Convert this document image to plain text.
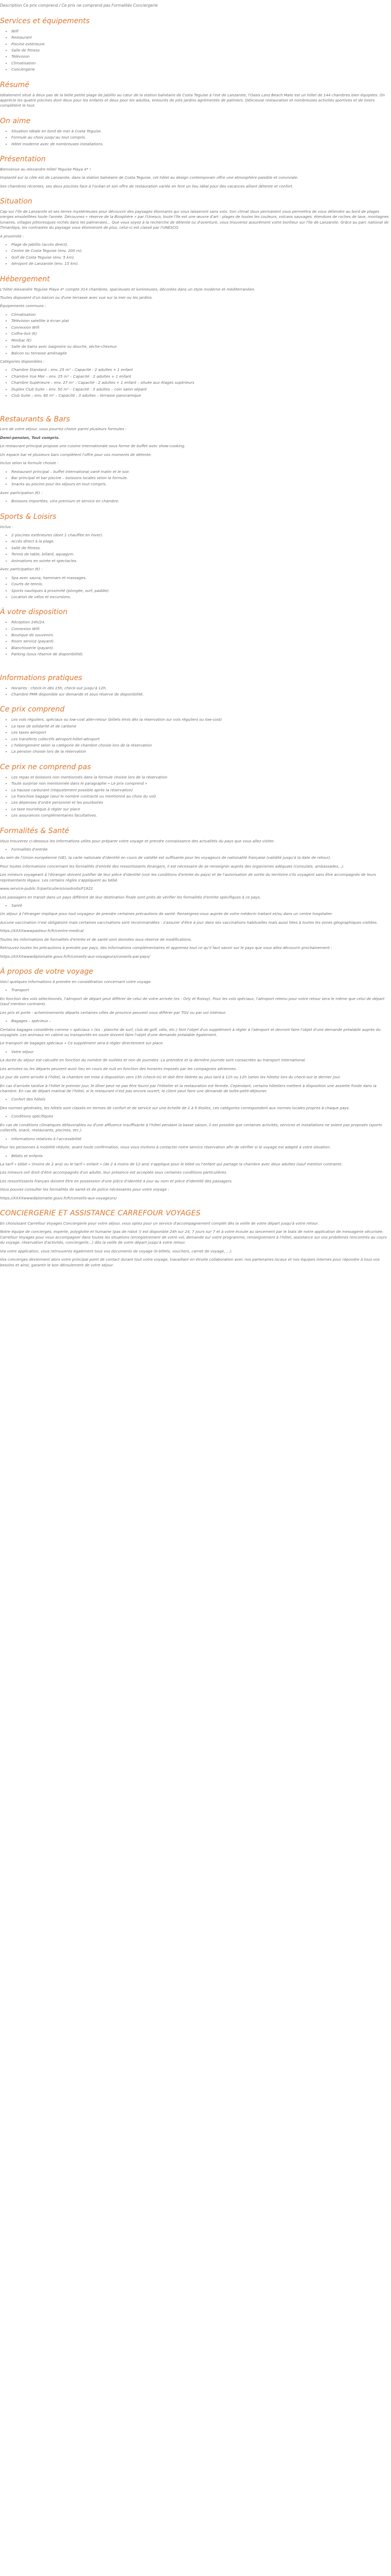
Description Ce prix comprend / Ce prix ne comprend pas Formalités Conciergerie

Services et équipements
• Wifi
• Restaurant
• Piscine extérieure
• Salle de fitness
• Télévision
• Climatisation
• Conciergerie
Résumé

Idéalement situé à deux pas de la belle petite plage de Jablillo au cœur de la station balnéaire de Costa Teguise à l'est de Lanzarote, l'Oasis Lanz Beach Mate est un hôtel de 144 chambres bien équipées. On apprécie les quatre piscines dont deux pour les enfants et deux pour les adultes, entourés de jolis jardins agrémentés de palmiers. Délicieuse restauration et nombreuses activités sportives et de loisirs complètent le tout.

On aime
• Situation idéale en bord de mer à Costa Teguise.
• Formule au choix jusqu'au tout compris.
• Hôtel moderne avec de nombreuses installations.
Présentation

Bienvenue au Alexandre Hôtel Teguise Playa 4* !

Implanté sur la côte est de Lanzarote, dans la station balnéaire de Costa Teguise, cet hôtel au design contemporain offre une atmosphère paisible et conviviale.

Ses chambres récentes, ses deux piscines face à l'océan et son offre de restauration variée en font un lieu idéal pour des vacances alliant détente et confort.

Situation

Cap sur l'île de Lanzarote et ses terres mystérieuses pour découvrir des paysages étonnants qui vous laisseront sans voix. Son climat doux permanent vous permettra de vous détendre au bord de plages vierges ensoleillées toute l'année. Découvrez « réserve de la Biosphère » par l'Unesco, toute l'île est une œuvre d'art : plages de toutes les couleurs, volcans sauvages, étendues de roches de lave, montagnes lunaires, villages pittoresques nichés dans les palmeraies... Que vous soyez à la recherche de détente ou d'aventure, vous trouverez assurément votre bonheur sur l'île de Lanzarote. Grâce au parc national de Timanfaya, les contrastes du paysage vous étonneront de plus, celui-ci est classé par l'UNESCO.

À proximité :

• Plage de Jablillo (accès direct).
• Centre de Costa Teguise (env. 200 m).
• Golf de Costa Teguise (env. 5 km).
• Aéroport de Lanzarote (env. 15 km).
Hébergement

L'hôtel Alexandre Teguise Playa 4* compte 314 chambres, spacieuses et lumineuses, décorées dans un style moderne et méditerranéen.

Toutes disposent d'un balcon ou d'une terrasse avec vue sur la mer ou les jardins.

Équipements communs :

• Climatisation
• Télévision satellite à écran plat
• Connexion Wifi
• Coffre-fort (€)
• Minibar (€)
• Salle de bains avec baignoire ou douche, sèche-cheveux
• Balcon ou terrasse aménagée

Catégories disponibles :

• Chambre Standard – env. 25 m² – Capacité : 2 adultes + 1 enfant
• Chambre Vue Mer – env. 25 m² – Capacité : 2 adultes + 1 enfant
• Chambre Supérieure – env. 27 m² – Capacité : 2 adultes + 1 enfant – située aux étages supérieurs
• Duplex Club Suite – env. 50 m² – Capacité : 3 adultes – coin salon séparé
• Club Suite – env. 60 m² – Capacité : 3 adultes – terrasse panoramique
Restaurants & Bars

Lors de votre séjour, vous pourrez choisir parmi plusieurs formules :

Demi-pension, Tout compris.

Le restaurant principal propose une cuisine internationale sous forme de buffet avec show-cooking.

Un espace bar et plusieurs bars complètent l'offre pour vos moments de détente.

Inclus selon la formule choisie :

• Restaurant principal – buffet international varié matin et le soir.
• Bar principal et bar piscine – boissons locales selon la formule.
• Snacks au piscine pour les séjours en tout compris.

Avec participation (€) :

• Boissons importées, vins premium et service en chambre.
Sports & Loisirs

Inclus :

• 2 piscines extérieures (dont 1 chauffée en hiver).
• Accès direct à la plage.
• Salle de fitness.
• Tennis de table, billard, aquagym.
• Animations en soirée et spectacles.

Avec participation (€) :

• Spa avec sauna, hammam et massages.
• Courts de tennis.
• Sports nautiques à proximité (plongée, surf, paddle).
• Location de vélos et excursions.
À votre disposition
• Réception 24h/24.
• Connexion Wifi.
• Boutique de souvenirs.
• Room service (payant).
• Blanchisserie (payant).
• Parking (sous réserve de disponibilité).
Informations pratiques
• Horaires : check-in dès 15h, check-out jusqu'à 12h.
• Chambre PMR disponible sur demande et sous réserve de disponibilité.
Ce prix comprend
• Les vols réguliers, spéciaux ou low-cost aller-retour (billets émis dès la réservation sur vols réguliers ou low-cost)
• La taxe de solidarité et de carbone
• Les taxes aéroport
• Les transferts collectifs aéroport-hôtel-aéroport
• L'hébergement selon la catégorie de chambre choisie lors de la réservation
• La pension choisie lors de la réservation
Ce prix ne comprend pas
• Les repas et boissons non mentionnés dans la formule choisie lors de la réservation
• Toute surprise non mentionnée dans le paragraphe « Le prix comprend »
• La hausse carburant (réajustement possible après la réservation)
• La franchise bagage (seul le nombre contracté ou mentionné au choix du vol)
• Les dépenses d'ordre personnel et les pourboires
• La taxe touristique à régler sur place
• Les assurances complémentaires facultatives.
Formalités & Santé

Vous trouverez ci-dessous les informations utiles pour préparer votre voyage et prendre connaissance des actualités du pays que vous allez visiter.

• Formalités d'entrée

Au sein de l'Union européenne (UE), la carte nationale d'identité en cours de validité est suffisante pour les voyageurs de nationalité française (validité jusqu'à la date de retour).

Pour toutes informations concernant les formalités d'entrée des ressortissants étrangers, il est nécessaire de se renseigner auprès des organismes adéquats (consulats, ambassades...).

Les mineurs voyageant à l'étranger doivent justifier de leur pièce d'identité (voir les conditions d'entrée du pays) et de l'autorisation de sortie du territoire s'ils voyagent sans être accompagnés de leurs représentants légaux. Les certains règles s'appliquent au bébé.

www.service-public.fr/particuliers/vosdroits/F1922

Les passagers en transit dans un pays différent de leur destination finale sont priés de vérifier les formalités d'entrée spécifiques à ce pays.

• Santé

Un séjour à l'étranger implique pour tout voyageur de prendre certaines précautions de santé. Renseignez-vous auprès de votre médecin traitant et/ou dans un centre hospitalier.

Aucune vaccination n'est obligatoire mais certaines vaccinations sont recommandées : s'assurer d'être à jour dans ses vaccinations habituelles mais aussi liées à toutes les zones géographiques visitées.

https://XXXXwwwpasteur.fr/fr/centre-medical

Toutes les informations de formalités d'entrée et de santé sont données sous réserve de modifications.

Retrouvez toutes les précautions à prendre par pays, des informations complémentaires et apprenez tout ce qu'il faut savoir sur le pays que vous allez découvrir prochainement :

https://XXXXwwwdiplomatie.gouv.fr/fr/conseils-aux-voyageurs/conseils-par-pays/

À propos de votre voyage

Voici quelques informations à prendre en considération concernant votre voyage.

• Transport

En fonction des vols sélectionnés, l'aéroport de départ peut différer de celui de votre arrivée (ex : Orly et Roissy). Pour les vols spéciaux, l'aéroport retenu pour votre retour sera le même que celui de départ (sauf mention contraire).

Les prix et porte : acheminements départs certaines villes de province peuvent vous différer par TGV ou par vol intérieur.

• Bagages – spécieux –

Certains bagages considérés comme « spéciaux » (ex : planche de surf, club de golf, vélo, etc.) font l'objet d'un supplément à régler à l'aéroport et devront faire l'objet d'une demande préalable auprès du voyagiste. Les animaux en cabine ou transportés en soute doivent faire l'objet d'une demande préalable également.

Le transport de bagages spéciaux « Ce supplément sera à régler directement sur place.

• Votre séjour

La durée du séjour est calculée en fonction du nombre de nuitées et non de journées. La première et la dernière journée sont consacrées au transport international.

Les arrivées ou les départs peuvent avoir lieu en cours de nuit en fonction des horaires imposés par les compagnies aériennes.

Le jour de votre arrivée à l'hôtel, la chambre est mise à disposition vers 15h (check-in) et doit être libérée au plus tard à 11h ou 12h (selon les hôtels) lors du check-out le dernier jour.

En cas d'arrivée tardive à l'hôtel le premier jour, le dîner peut ne pas être fourni par l'hôtelier et la restauration est fermée. Cependant, certains hôteliers mettent à disposition une assiette froide dans la chambre. En cas de départ matinal de l'hôtel, si le restaurant n'est pas encore ouvert, le client peut faire une demande de boîte-petit-déjeuner.

• Confort des hôtels

Des normes générales, les hôtels sont classés en termes de confort et de service sur une échelle de 1 à 5 étoiles, ces catégories correspondent aux normes locales propres à chaque pays.

• Conditions spécifiques

En cas de conditions climatiques défavorables ou d'une affluence insuffisante à l'hôtel pendant la basse saison, il est possible que certaines activités, services et installations ne soient pas proposés (sports collectifs, snack, restaurants, piscines, etc.).

• Informations relatives à l'accessibilité

Pour les personnes à mobilité réduite, avant toute confirmation, nous vous invitons à contacter notre service réservation afin de vérifier si le voyage est adapté à votre situation.

• Bébés et enfants

La tarif « bébé » (moins de 2 ans) ou le tarif « enfant » (de 2 à moins de 12 ans) s'applique pour le bébé ou l'enfant qui partage la chambre avec deux adultes (sauf mention contraire).

Les mineurs ont droit d'être accompagnés d'un adulte, leur présence est acceptée sous certaines conditions particulières.

Les ressortissants français doivent être en possession d'une pièce d'identité à jour au nom et pièce d'identité des passagers.

Vous pouvez consulter les formalités de santé et de police nécessaires pour votre voyage :

https://XXXXwwwdiplomatie.gouv.fr/fr/conseils-aux-voyageurs/

CONCIERGERIE ET ASSISTANCE CARREFOUR VOYAGES

En choisissant Carrefour Voyages Conciergerie pour votre séjour, vous optez pour un service d'accompagnement complet dès la veille de votre départ jusqu'à votre retour.

Notre équipe de concierges, experte, polyglotte et humaine (pas de robot !) est disponible 24h sur 24, 7 jours sur 7 et à votre écoute au lancement par le biais de notre application de messagerie sécurisée. Carrefour Voyages pour vous accompagner dans toutes les situations (enregistrement de votre vol, demande sur votre programme, renseignement à l'hôtel, assistance sur vos problèmes rencontrés au cours du voyage, réservation d'activités, conciergerie...) dès la veille de votre départ jusqu'à votre retour.

Via votre application, vous retrouverez également tous vos documents de voyage (e-billets, vouchers, carnet de voyage, ...).

Vos concierges deviennent alors votre principal point de contact durant tout votre voyage, travaillant en étroite collaboration avec nos partenaires locaux et nos équipes internes pour répondre à tous vos besoins et ainsi, garantir le bon déroulement de votre séjour.
